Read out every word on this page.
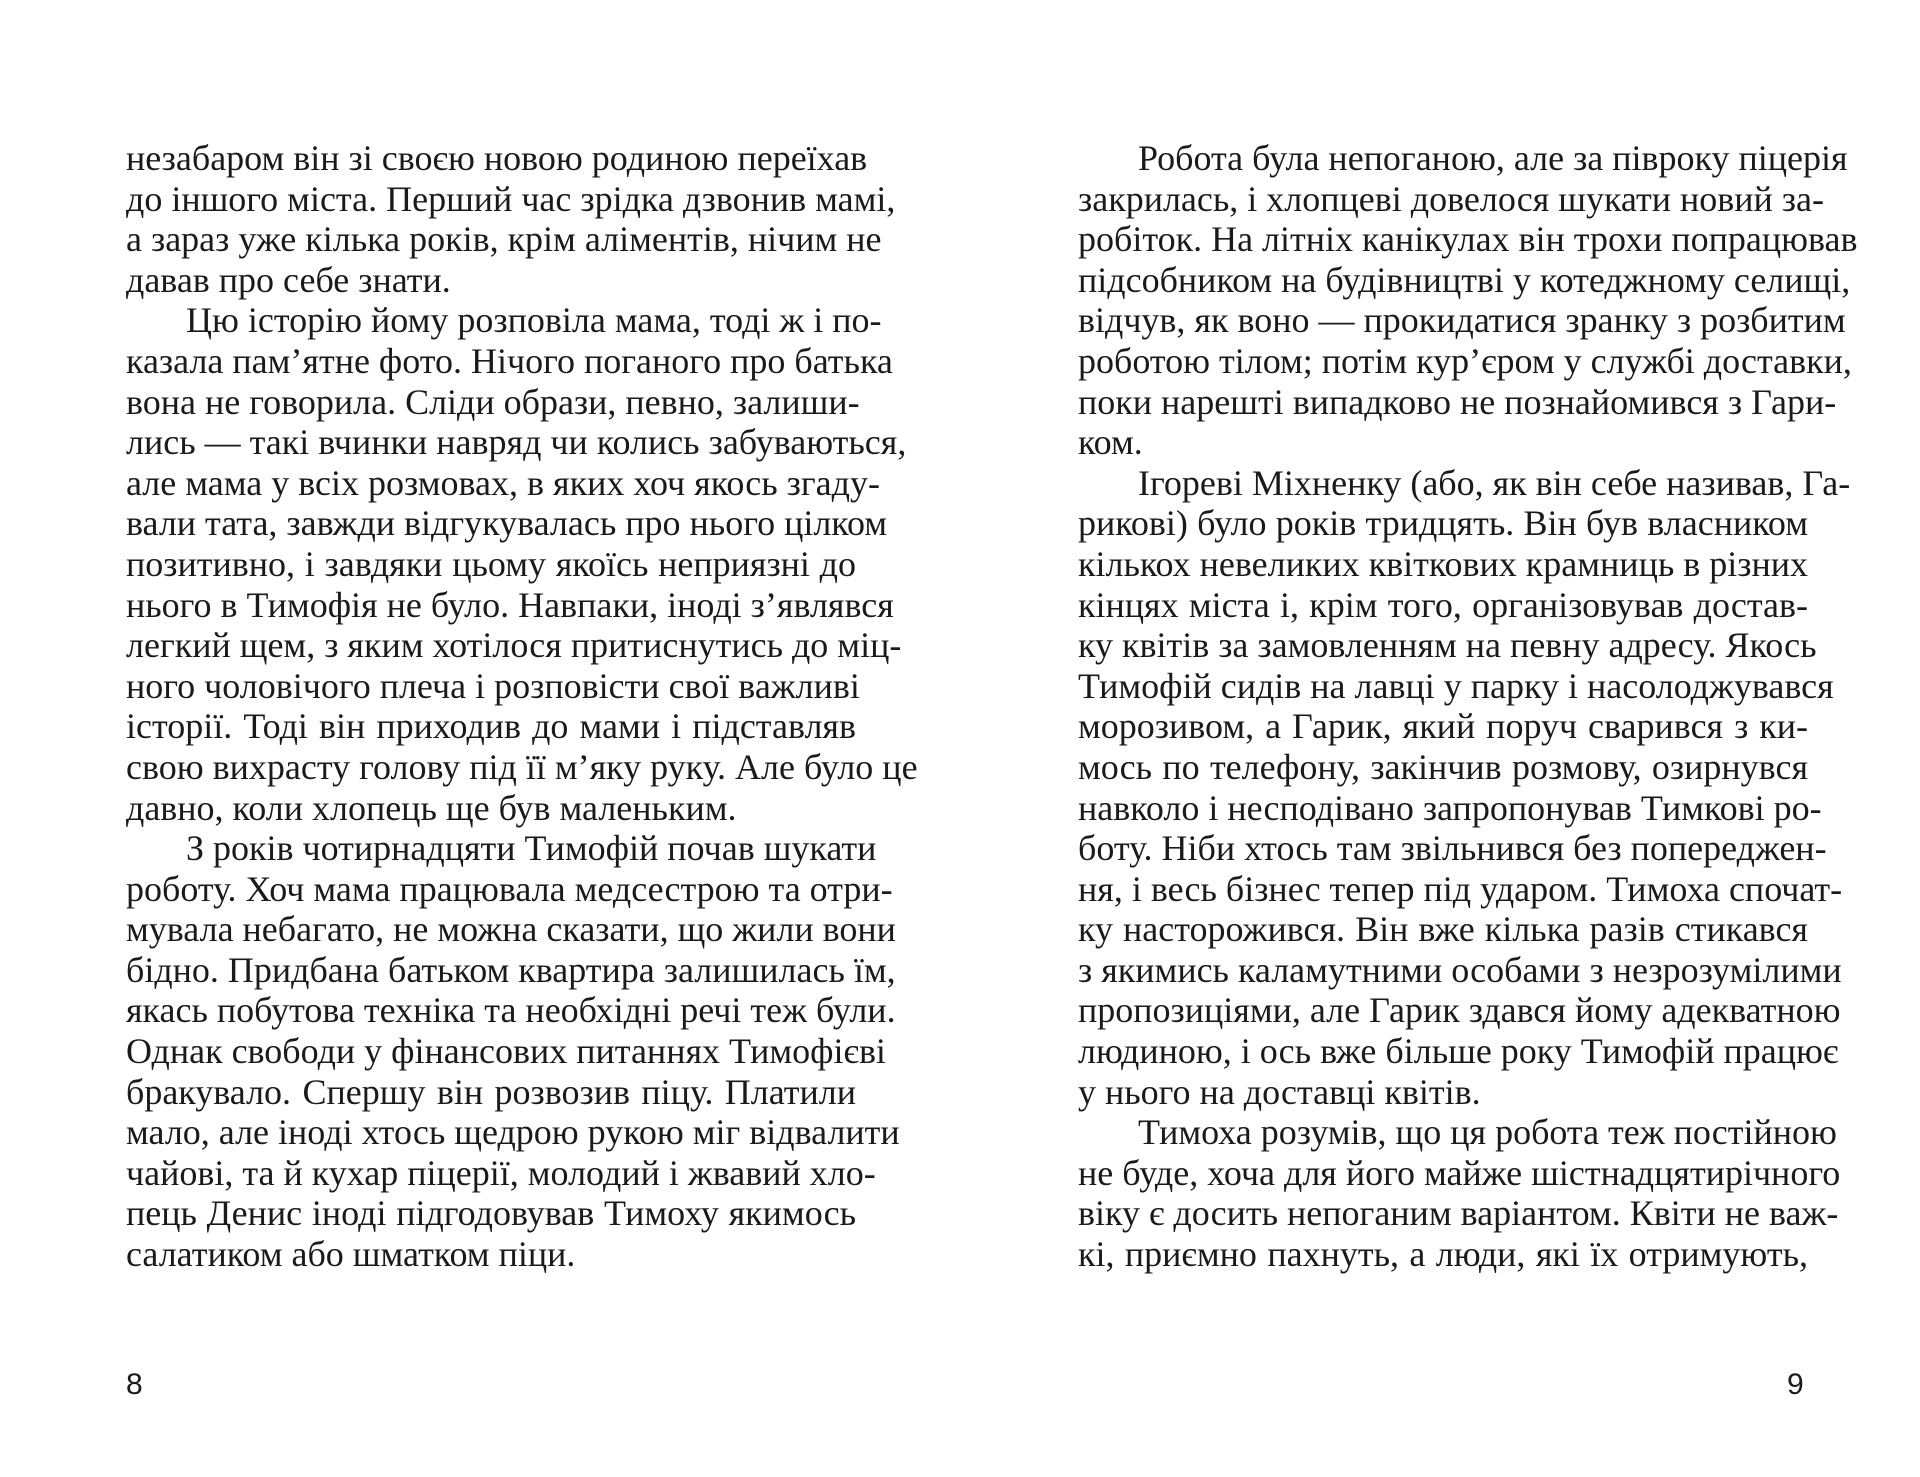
незабаром він зі своєю новою родиною переїхав
до іншого міста. Перший час зрідка дзвонив мамі,
а зараз уже кілька років, крім аліментів, нічим не
давав про себе знати.
Цю історію йому розповіла мама, тоді ж і по-
казала пам’ятне фото. Нічого поганого про батька
вона не говорила. Сліди образи, певно, залиши-
лись — такі вчинки навряд чи колись забуваються,
але мама у всіх розмовах, в яких хоч якось згаду-
вали тата, завжди відгукувалась про нього цілком
позитивно, і завдяки цьому якоїсь неприязні до
нього в Тимофія не було. Навпаки, іноді з’являвся
легкий щем, з яким хотілося притиснутись до міц-
ного чоловічого плеча і розповісти свої важливі
історії. Тоді він приходив до мами і підставляв
свою вихрасту голову під її м’яку руку. Але було це
давно, коли хлопець ще був маленьким.
З років чотирнадцяти Тимофій почав шукати
роботу. Хоч мама працювала медсестрою та отри-
мувала небагато, не можна сказати, що жили вони
бідно. Придбана батьком квартира залишилась їм,
якась побутова техніка та необхідні речі теж були.
Однак свободи у фінансових питаннях Тимофієві
бракувало. Спершу він розвозив піцу. Платили
мало, але іноді хтось щедрою рукою міг відвалити
чайові, та й кухар піцерії, молодий і жвавий хло-
пець Денис іноді підгодовував Тимоху якимось
салатиком або шматком піци.
8
Робота була непоганою, але за півроку піцерія
закрилась, і хлопцеві довелося шукати новий за-
робіток. На літніх канікулах він трохи попрацював
підсобником на будівництві у котеджному селищі,
відчув, як воно — прокидатися зранку з розбитим
роботою тілом; потім кур’єром у службі доставки,
поки нарешті випадково не познайомився з Гари-
ком.
Ігореві Міхненку (або, як він себе називав, Га-
рикові) було років тридцять. Він був власником
кількох невеликих квіткових крамниць в різних
кінцях міста і, крім того, організовував достав-
ку квітів за замовленням на певну адресу. Якось
Тимофій сидів на лавці у парку і насолоджувався
морозивом, а Гарик, який поруч сварився з ки-
мось по телефону, закінчив розмову, озирнувся
навколо і несподівано запропонував Тимкові ро-
боту. Ніби хтось там звільнився без попереджен-
ня, і весь бізнес тепер під ударом. Тимоха спочат-
ку насторожився. Він вже кілька разів стикався
з якимись каламутними особами з незрозумілими
пропозиціями, але Гарик здався йому адекватною
людиною, і ось вже більше року Тимофій працює
у нього на доставці квітів.
Тимоха розумів, що ця робота теж постійною
не буде, хоча для його майже шістнадцятирічного
віку є досить непоганим варіантом. Квіти не важ-
кі, приємно пахнуть, а люди, які їх отримують,
9
